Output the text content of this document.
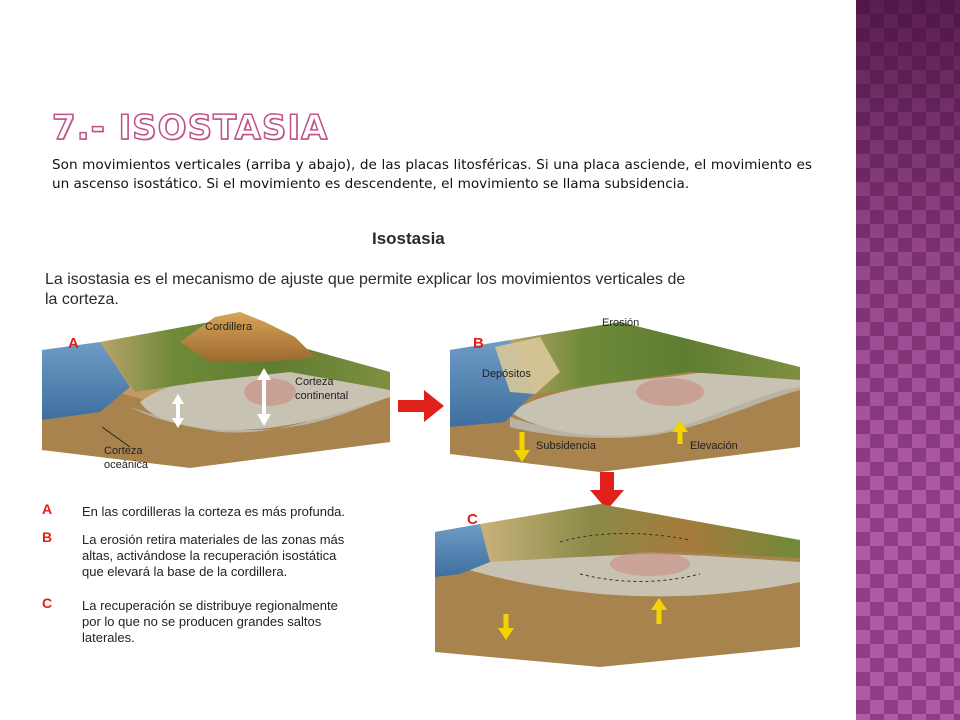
7.- ISOSTASIA

Son movimientos verticales (arriba y abajo), de las placas litosféricas. Si una placa asciende, el movimiento es un ascenso isostático. Si el movimiento es descendente, el movimiento se llama subsidencia.

Isostasia
La isostasia es el mecanismo de ajuste que permite explicar los movimientos verticales de
la corteza.
A
Cordillera
Corteza
continental
Corteza
oceánica
B
Erosión
Depósitos
Subsidencia	Elevación
C
A En las cordilleras la corteza es más profunda.
B La erosión retira materiales de las zonas más
altas, activándose la recuperación isostática
que elevará la base de la cordillera.
C La recuperación se distribuye regionalmente
por lo que no se producen grandes saltos
laterales.
